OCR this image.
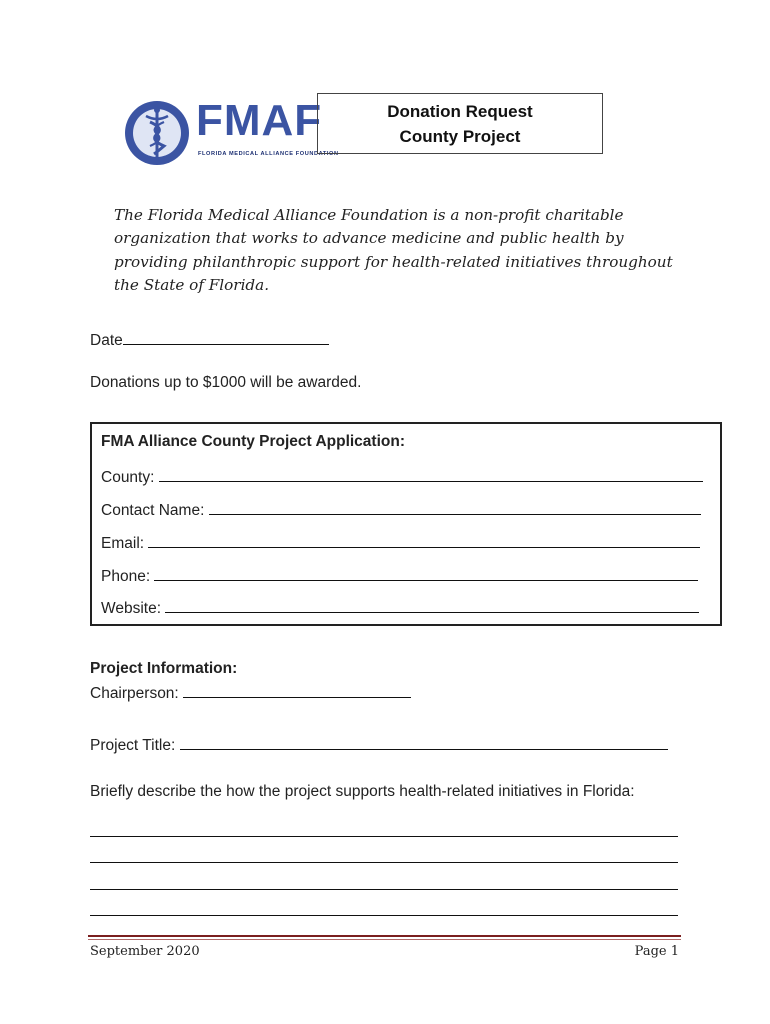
FMAF
FLORIDA MEDICAL ALLIANCE FOUNDATION
Donation Request
County Project
The Florida Medical Alliance Foundation is a non-profit charitable organization that works to advance medicine and public health by providing philanthropic support for health-related initiatives throughout the State of Florida.
Date
Donations up to $1000 will be awarded.
FMA Alliance County Project Application:
County:
Contact Name:
Email:
Phone:
Website:
Project Information:
Chairperson:
Project Title:
Briefly describe the how the project supports health-related initiatives in Florida:
September 2020	Page 1
